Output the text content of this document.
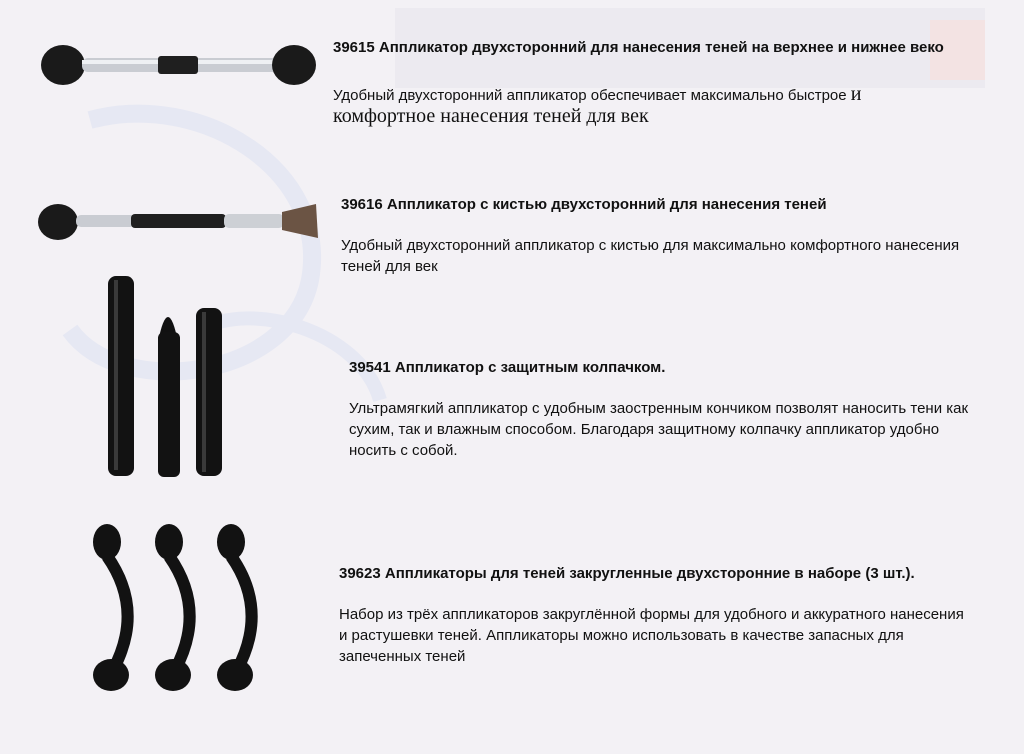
39615 Аппликатор двухсторонний для нанесения теней на верхнее и нижнее веко

Удобный двухсторонний аппликатор обеспечивает максимально быстрое и комфортное нанесения теней для век

39616 Аппликатор с кистью двухсторонний для нанесения теней

Удобный двухсторонний аппликатор с кистью для максимально комфортного нанесения теней для век

39541 Аппликатор с защитным колпачком.

Ультрамягкий аппликатор с удобным заостренным кончиком позволят наносить тени как сухим, так и влажным способом. Благодаря защитному колпачку аппликатор удобно носить с собой.

39623 Аппликаторы для теней закругленные двухсторонние в наборе (3 шт.).

Набор из трёх аппликаторов закруглённой формы для удобного и аккуратного нанесения и растушевки теней. Аппликаторы можно использовать в качестве запасных для запеченных теней
